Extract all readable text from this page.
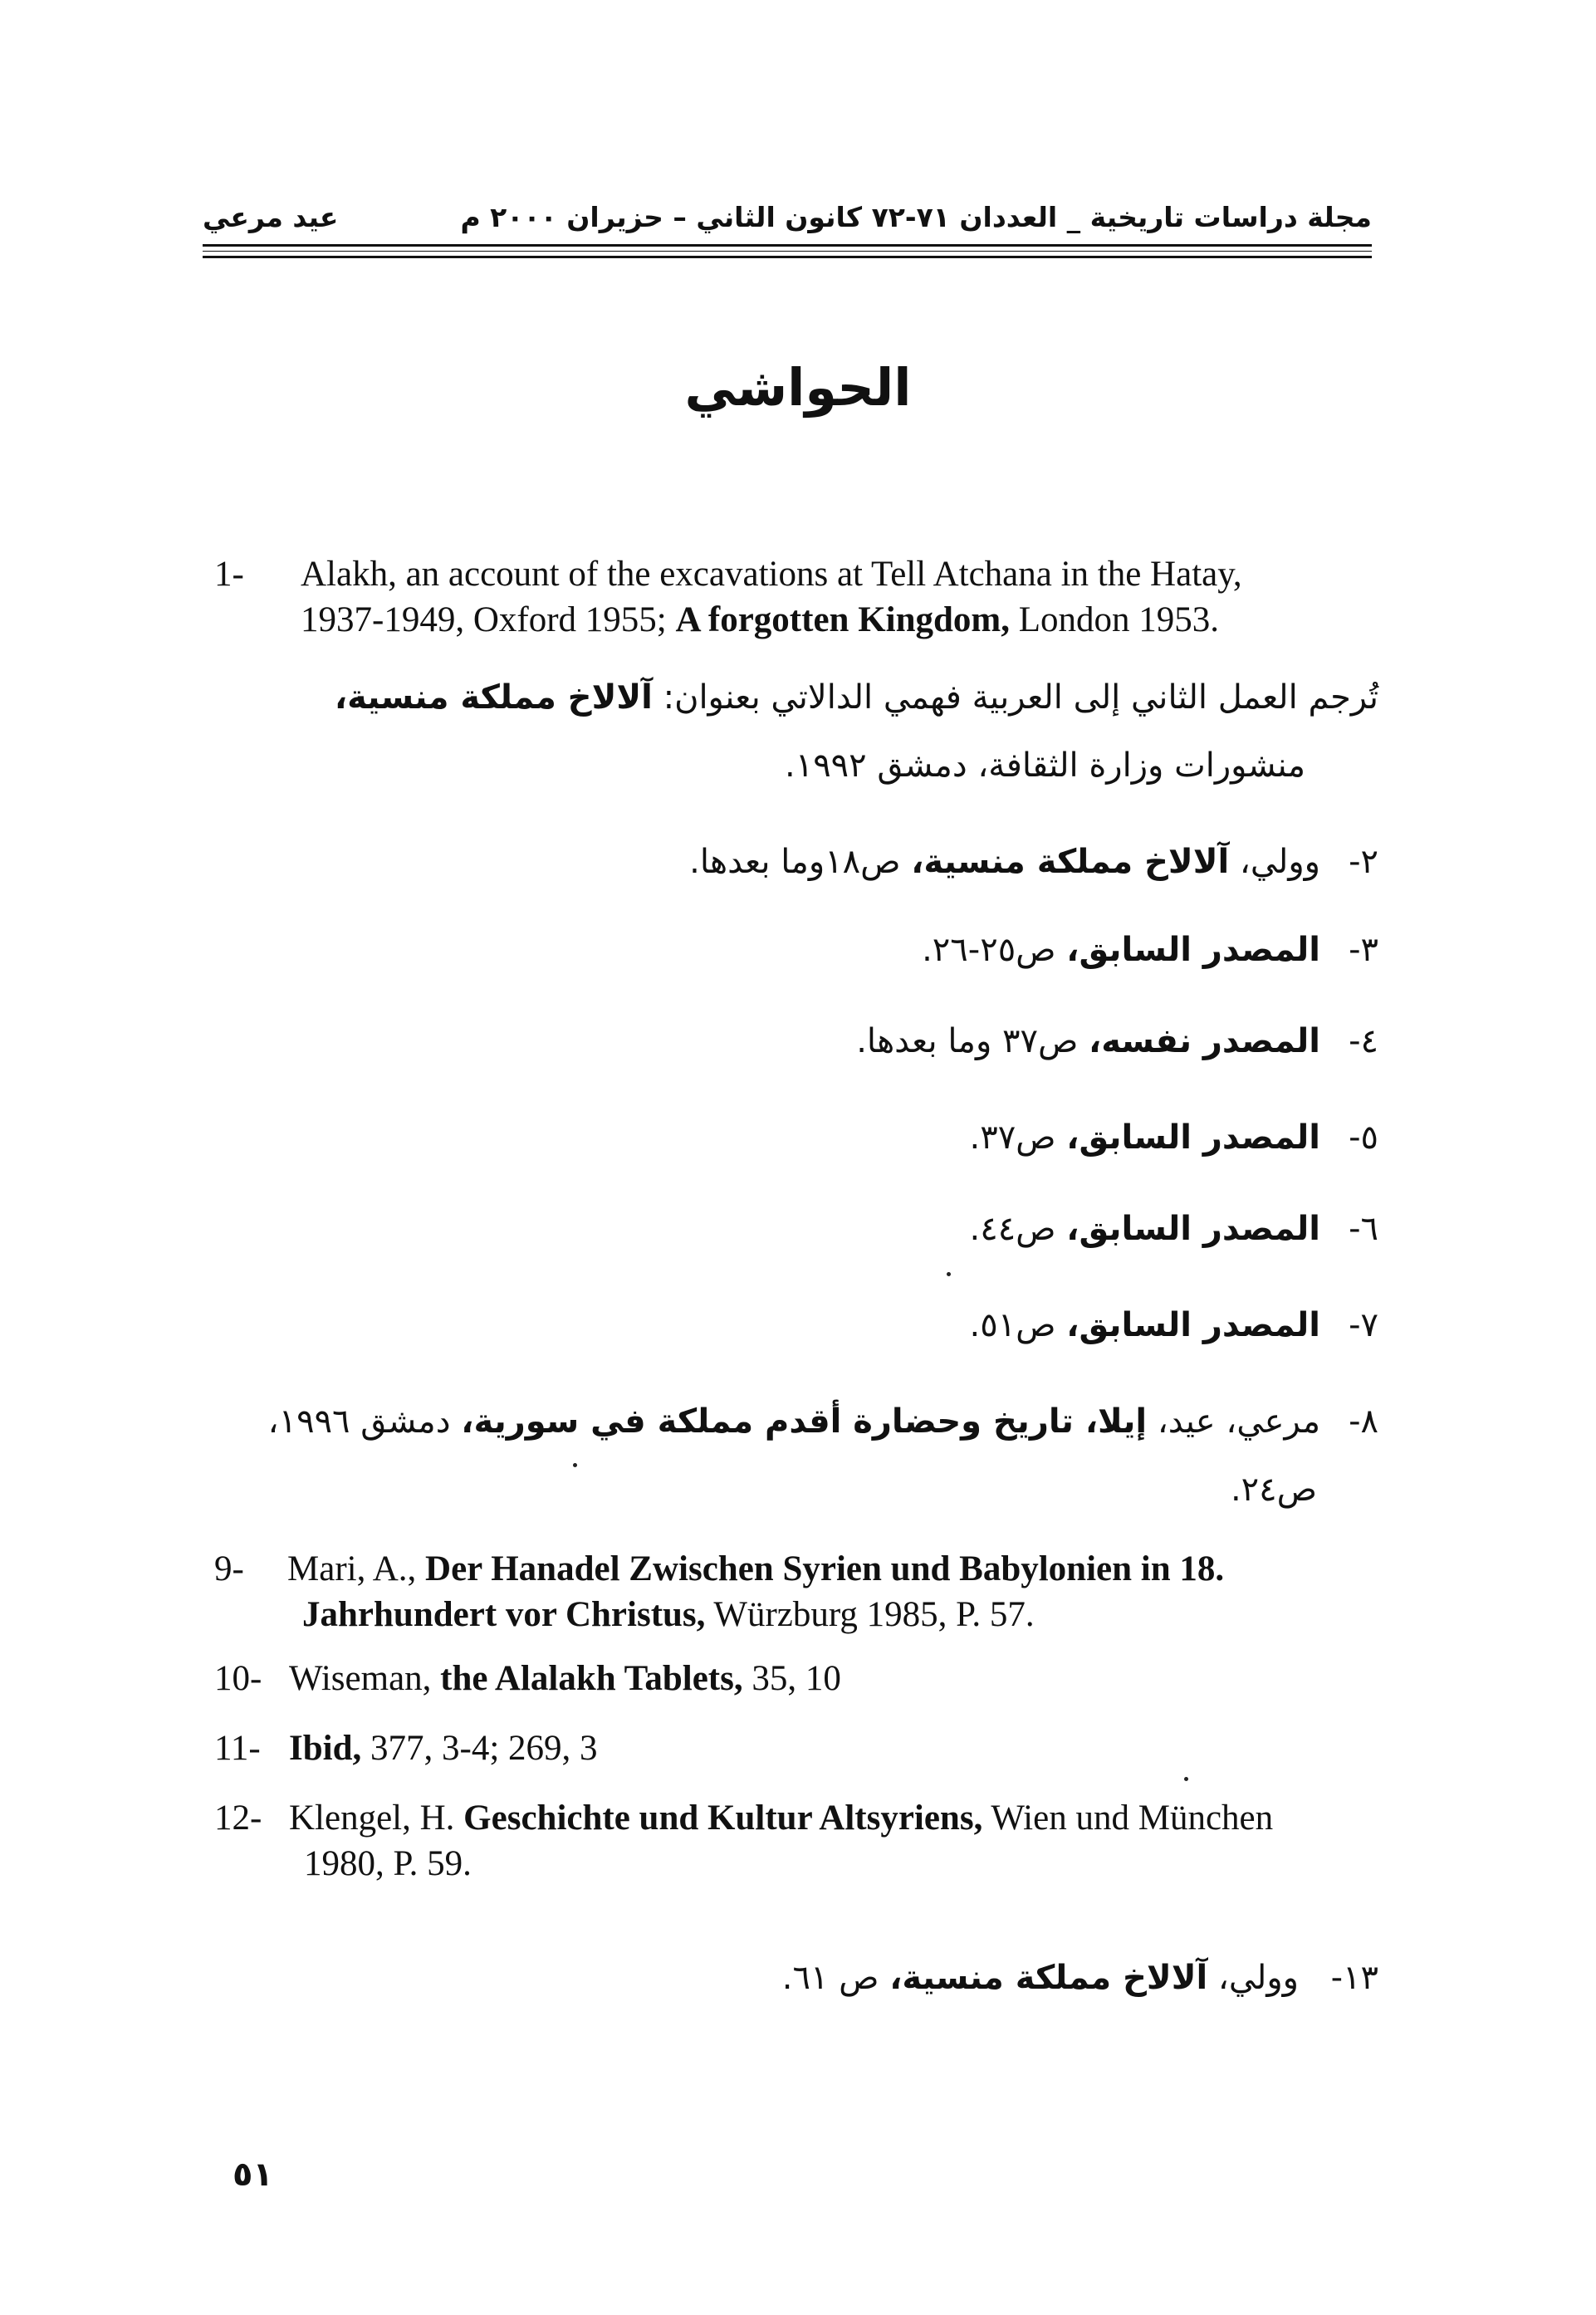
مجلة دراسات تاريخية _ العددان ٧١-٧٢ كانون الثاني – حزيران ٢٠٠٠ م
عيد مرعي
الحواشي
1- Alakh, an account of the excavations at Tell Atchana in the Hatay,
1937-1949, Oxford 1955; A forgotten Kingdom, London 1953.
تُرجم العمل الثاني إلى العربية فهمي الدالاتي بعنوان: آلالاخ مملكة منسية،
منشورات وزارة الثقافة، دمشق ١٩٩٢.
٢-وولي، آلالاخ مملكة منسية، ص١٨وما بعدها.
٣-المصدر السابق، ص٢٥-٢٦.
٤-المصدر نفسه، ص٣٧ وما بعدها.
٥-المصدر السابق، ص٣٧.
٦-المصدر السابق، ص٤٤.
٧-المصدر السابق، ص٥١.
٨-مرعي، عيد، إيلا، تاريخ وحضارة أقدم مملكة في سورية، دمشق ١٩٩٦،
ص٢٤.
9- Mari, A., Der Hanadel Zwischen Syrien und Babylonien in 18.
Jahrhundert vor Christus, Würzburg 1985, P. 57.
10- Wiseman, the Alalakh Tablets, 35, 10
11- Ibid, 377, 3-4; 269, 3
12- Klengel, H. Geschichte und Kultur Altsyriens, Wien und München
1980, P. 59.
١٣-وولي، آلالاخ مملكة منسية، ص ٦١.
٥١
